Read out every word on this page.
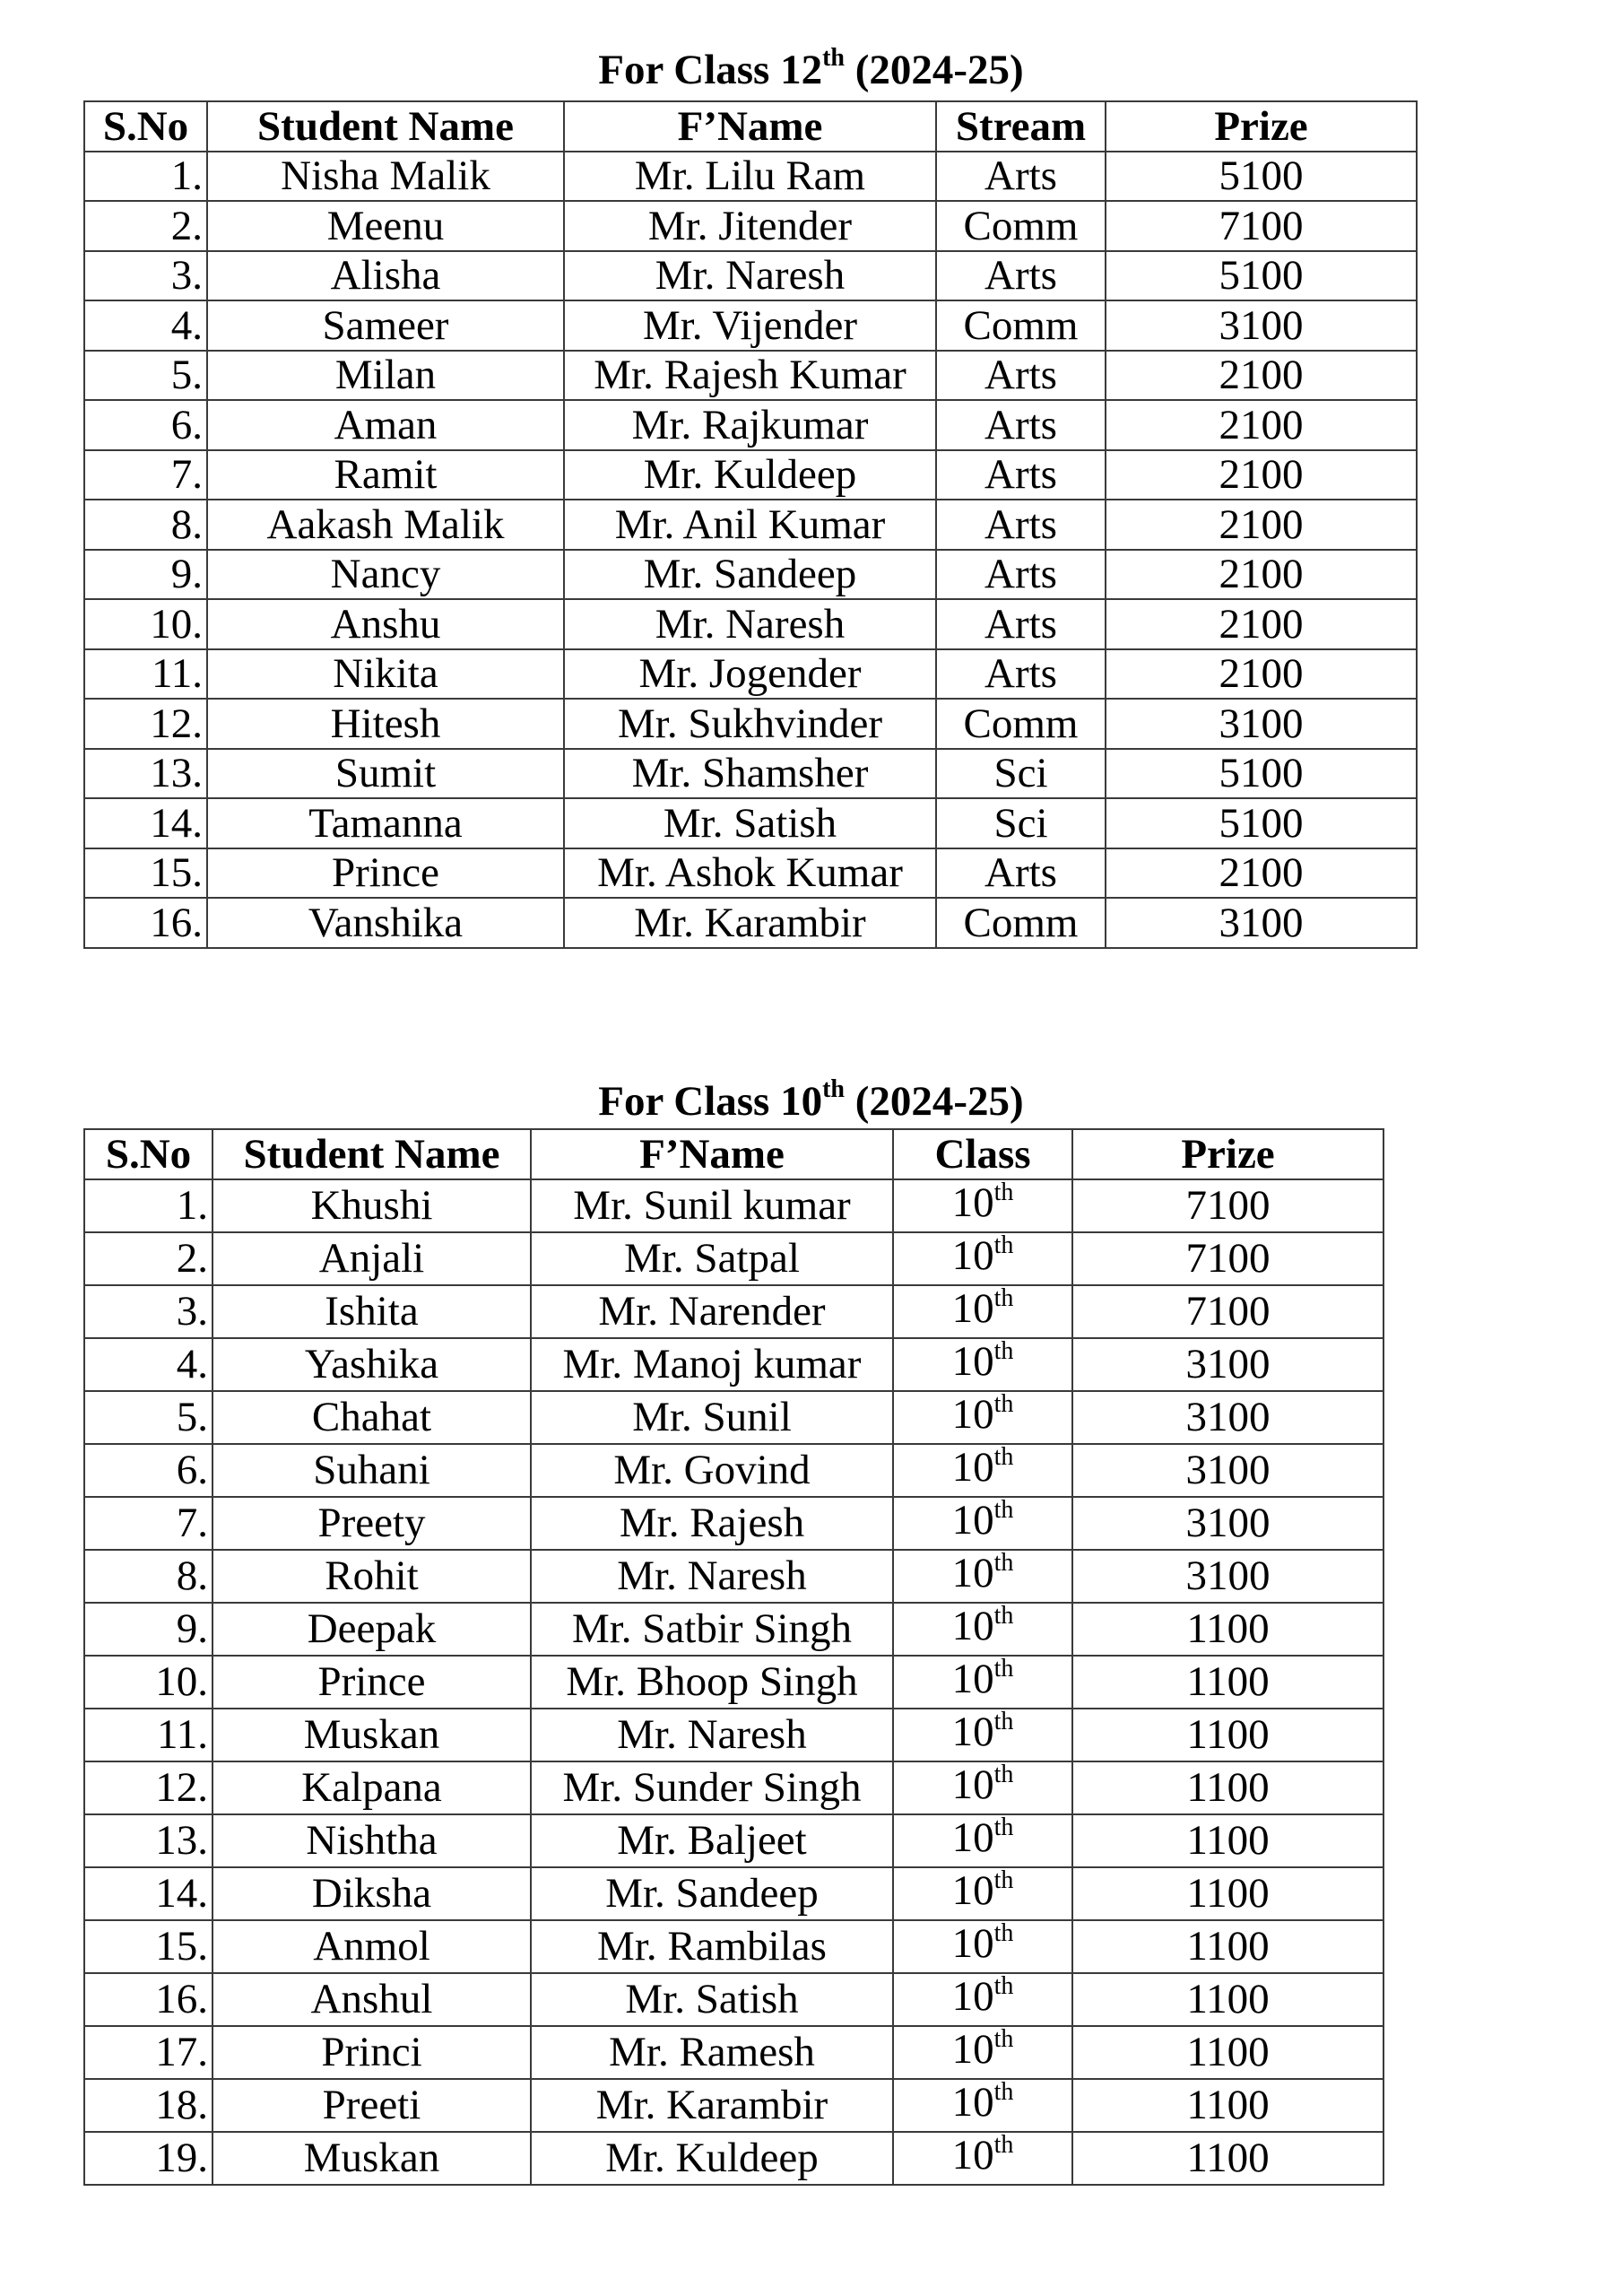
For Class 12th (2024-25)
S.No	Student Name	F’Name	Stream	Prize
1.	Nisha Malik	Mr. Lilu Ram	Arts	5100
2.	Meenu	Mr. Jitender	Comm	7100
3.	Alisha	Mr. Naresh	Arts	5100
4.	Sameer	Mr. Vijender	Comm	3100
5.	Milan	Mr. Rajesh Kumar	Arts	2100
6.	Aman	Mr. Rajkumar	Arts	2100
7.	Ramit	Mr. Kuldeep	Arts	2100
8.	Aakash Malik	Mr. Anil Kumar	Arts	2100
9.	Nancy	Mr. Sandeep	Arts	2100
10.	Anshu	Mr. Naresh	Arts	2100
11.	Nikita	Mr. Jogender	Arts	2100
12.	Hitesh	Mr. Sukhvinder	Comm	3100
13.	Sumit	Mr. Shamsher	Sci	5100
14.	Tamanna	Mr. Satish	Sci	5100
15.	Prince	Mr. Ashok Kumar	Arts	2100
16.	Vanshika	Mr. Karambir	Comm	3100
For Class 10th (2024-25)
S.No	Student Name	F’Name	Class	Prize
1.	Khushi	Mr. Sunil kumar	10th	7100
2.	Anjali	Mr. Satpal	10th	7100
3.	Ishita	Mr. Narender	10th	7100
4.	Yashika	Mr. Manoj kumar	10th	3100
5.	Chahat	Mr. Sunil	10th	3100
6.	Suhani	Mr. Govind	10th	3100
7.	Preety	Mr. Rajesh	10th	3100
8.	Rohit	Mr. Naresh	10th	3100
9.	Deepak	Mr. Satbir Singh	10th	1100
10.	Prince	Mr. Bhoop Singh	10th	1100
11.	Muskan	Mr. Naresh	10th	1100
12.	Kalpana	Mr. Sunder Singh	10th	1100
13.	Nishtha	Mr. Baljeet	10th	1100
14.	Diksha	Mr. Sandeep	10th	1100
15.	Anmol	Mr. Rambilas	10th	1100
16.	Anshul	Mr. Satish	10th	1100
17.	Princi	Mr. Ramesh	10th	1100
18.	Preeti	Mr. Karambir	10th	1100
19.	Muskan	Mr. Kuldeep	10th	1100
